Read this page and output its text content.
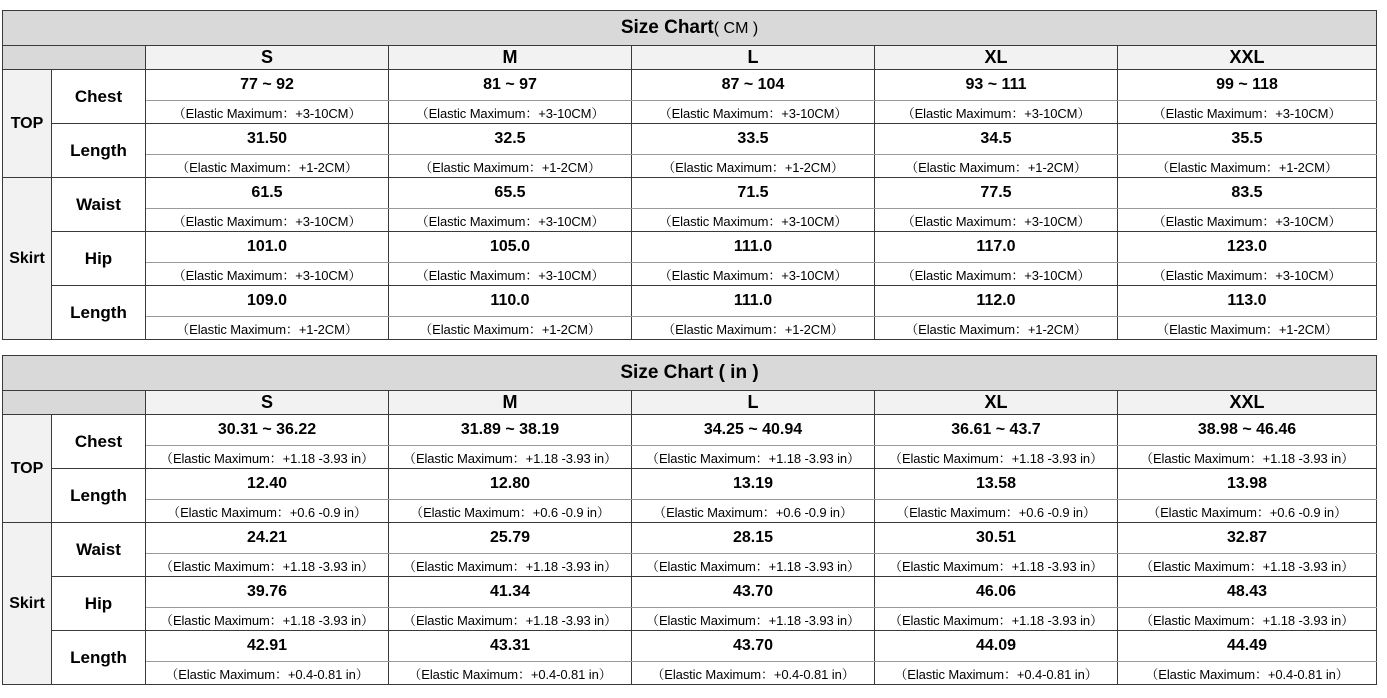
Size Chart( CM )						
		S	M	L	XL	XXL
TOP	Chest	77 ~ 92	81 ~ 97	87 ~ 104	93 ~ 111	99 ~ 118
		（Elastic Maximum：+3-10CM）	（Elastic Maximum：+3-10CM）	（Elastic Maximum：+3-10CM）	（Elastic Maximum：+3-10CM）	（Elastic Maximum：+3-10CM）
	Length	31.50	32.5	33.5	34.5	35.5
		（Elastic Maximum：+1-2CM）	（Elastic Maximum：+1-2CM）	（Elastic Maximum：+1-2CM）	（Elastic Maximum：+1-2CM）	（Elastic Maximum：+1-2CM）
Skirt	Waist	61.5	65.5	71.5	77.5	83.5
		（Elastic Maximum：+3-10CM）	（Elastic Maximum：+3-10CM）	（Elastic Maximum：+3-10CM）	（Elastic Maximum：+3-10CM）	（Elastic Maximum：+3-10CM）
	Hip	101.0	105.0	111.0	117.0	123.0
		（Elastic Maximum：+3-10CM）	（Elastic Maximum：+3-10CM）	（Elastic Maximum：+3-10CM）	（Elastic Maximum：+3-10CM）	（Elastic Maximum：+3-10CM）
	Length	109.0	110.0	111.0	112.0	113.0
		（Elastic Maximum：+1-2CM）	（Elastic Maximum：+1-2CM）	（Elastic Maximum：+1-2CM）	（Elastic Maximum：+1-2CM）	（Elastic Maximum：+1-2CM）
Size Chart ( in )						
		S	M	L	XL	XXL
TOP	Chest	30.31 ~ 36.22	31.89 ~ 38.19	34.25 ~ 40.94	36.61 ~ 43.7	38.98 ~ 46.46
		（Elastic Maximum：+1.18 -3.93 in）	（Elastic Maximum：+1.18 -3.93 in）	（Elastic Maximum：+1.18 -3.93 in）	（Elastic Maximum：+1.18 -3.93 in）	（Elastic Maximum：+1.18 -3.93 in）
	Length	12.40	12.80	13.19	13.58	13.98
		（Elastic Maximum：+0.6 -0.9 in）	（Elastic Maximum：+0.6 -0.9 in）	（Elastic Maximum：+0.6 -0.9 in）	（Elastic Maximum：+0.6 -0.9 in）	（Elastic Maximum：+0.6 -0.9 in）
Skirt	Waist	24.21	25.79	28.15	30.51	32.87
		（Elastic Maximum：+1.18 -3.93 in）	（Elastic Maximum：+1.18 -3.93 in）	（Elastic Maximum：+1.18 -3.93 in）	（Elastic Maximum：+1.18 -3.93 in）	（Elastic Maximum：+1.18 -3.93 in）
	Hip	39.76	41.34	43.70	46.06	48.43
		（Elastic Maximum：+1.18 -3.93 in）	（Elastic Maximum：+1.18 -3.93 in）	（Elastic Maximum：+1.18 -3.93 in）	（Elastic Maximum：+1.18 -3.93 in）	（Elastic Maximum：+1.18 -3.93 in）
	Length	42.91	43.31	43.70	44.09	44.49
		（Elastic Maximum：+0.4-0.81 in）	（Elastic Maximum：+0.4-0.81 in）	（Elastic Maximum：+0.4-0.81 in）	（Elastic Maximum：+0.4-0.81 in）	（Elastic Maximum：+0.4-0.81 in）
